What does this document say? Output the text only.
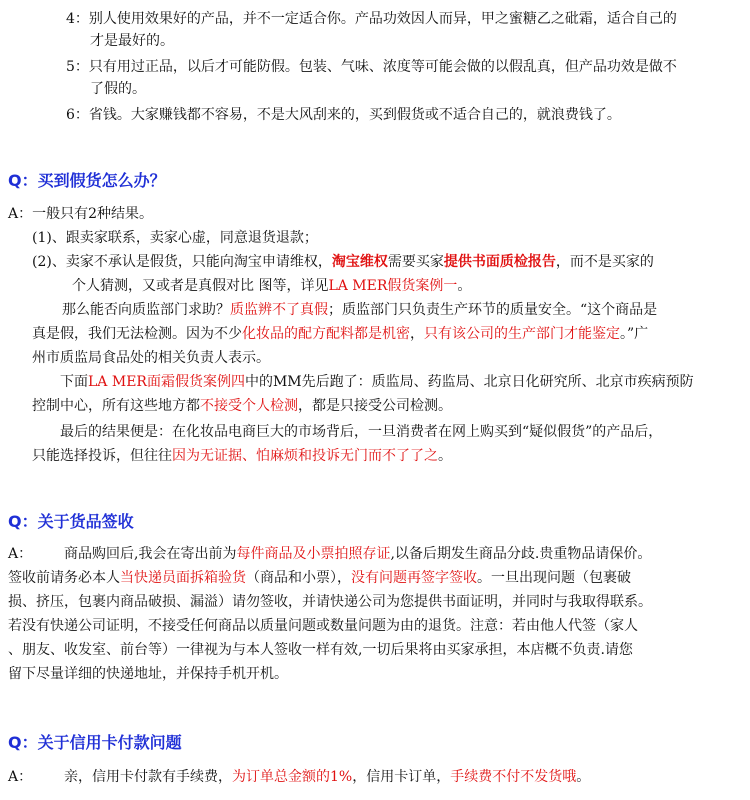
4：别人使用效果好的产品，并不一定适合你。产品功效因人而异，甲之蜜糖乙之砒霜，适合自己的
才是最好的。
5：只有用过正品，以后才可能防假。包装、气味、浓度等可能会做的以假乱真，但产品功效是做不
了假的。
6：省钱。大家赚钱都不容易，不是大风刮来的，买到假货或不适合自己的，就浪费钱了。
Q：买到假货怎么办？
A：一般只有2种结果。
(1)、跟卖家联系，卖家心虚，同意退货退款；
(2)、卖家不承认是假货，只能向淘宝申请维权，淘宝维权需要买家提供书面质检报告，而不是买家的
个人猜测，又或者是真假对比 图等，详见LA MER假货案例一。
那么能否向质监部门求助？质监辨不了真假；质监部门只负责生产环节的质量安全。“这个商品是
真是假，我们无法检测。因为不少化妆品的配方配料都是机密，只有该公司的生产部门才能鉴定。”广
州市质监局食品处的相关负责人表示。
下面LA MER面霜假货案例四中的MM先后跑了：质监局、药监局、北京日化研究所、北京市疾病预防
控制中心，所有这些地方都不接受个人检测，都是只接受公司检测。
最后的结果便是：在化妆品电商巨大的市场背后，一旦消费者在网上购买到“疑似假货”的产品后，
只能选择投诉，但往往因为无证据、怕麻烦和投诉无门而不了了之。
Q：关于货品签收
A： 商品购回后,我会在寄出前为每件商品及小票拍照存证,以备后期发生商品分歧.贵重物品请保价。
签收前请务必本人当快递员面拆箱验货（商品和小票），没有问题再签字签收。一旦出现问题（包裹破
损、挤压，包裹内商品破损、漏溢）请勿签收，并请快递公司为您提供书面证明，并同时与我取得联系。
若没有快递公司证明，不接受任何商品以质量问题或数量问题为由的退货。注意：若由他人代签（家人
、朋友、收发室、前台等）一律视为与本人签收一样有效,一切后果将由买家承担，本店概不负责.请您
留下尽量详细的快递地址，并保持手机开机。
Q：关于信用卡付款问题
A： 亲，信用卡付款有手续费，为订单总金额的1%，信用卡订单，手续费不付不发货哦。
